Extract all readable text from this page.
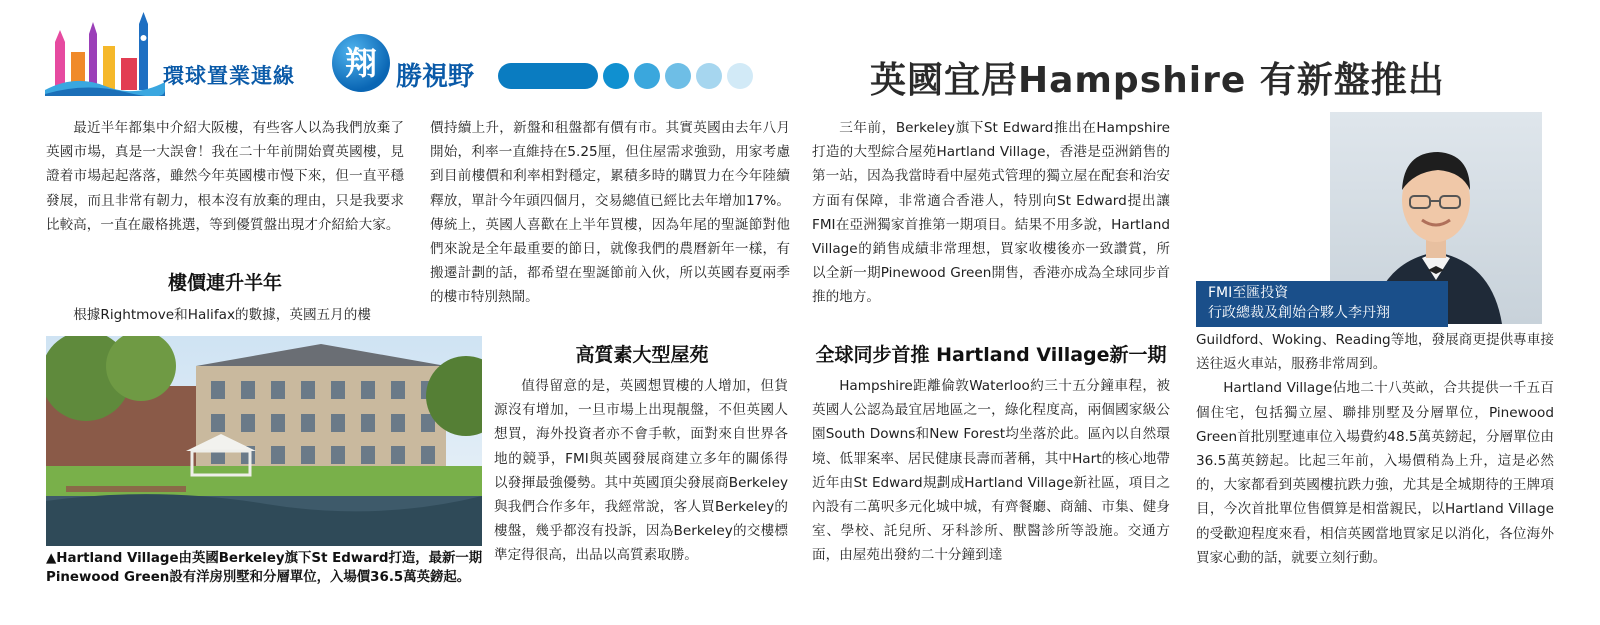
環球置業連線	翔 勝視野	英國宜居Hampshire 有新盤推出

最近半年都集中介紹大阪樓，有些客人以為我們放棄了英國市場，真是一大誤會！我在二十年前開始賣英國樓，見證着市場起起落落，雖然今年英國樓市慢下來，但一直平穩發展，而且非常有韌力，根本沒有放棄的理由，只是我要求比較高，一直在嚴格挑選，等到優質盤出現才介紹給大家。

樓價連升半年

根據Rightmove和Halifax的數據，英國五月的樓

價持續上升，新盤和租盤都有價有市。其實英國由去年八月開始，利率一直維持在5.25厘，但住屋需求強勁，用家考慮到目前樓價和利率相對穩定，累積多時的購買力在今年陸續釋放，單計今年頭四個月，交易總值已經比去年增加17%。傳統上，英國人喜歡在上半年買樓，因為年尾的聖誕節對他們來說是全年最重要的節日，就像我們的農曆新年一樣，有搬遷計劃的話，都希望在聖誕節前入伙，所以英國春夏兩季的樓市特別熱鬧。

▲Hartland Village由英國Berkeley旗下St Edward打造，最新一期
Pinewood Green設有洋房別墅和分層單位，入場價36.5萬英鎊起。
高質素大型屋苑

值得留意的是，英國想買樓的人增加，但貨源沒有增加，一旦市場上出現靚盤，不但英國人想買，海外投資者亦不會手軟，面對來自世界各地的競爭，FMI與英國發展商建立多年的關係得以發揮最強優勢。其中英國頂尖發展商Berkeley與我們合作多年，我經常說，客人買Berkeley的樓盤，幾乎都沒有投訴，因為Berkeley的交樓標準定得很高，出品以高質素取勝。

三年前，Berkeley旗下St Edward推出在Hampshire打造的大型綜合屋苑Hartland Village，香港是亞洲銷售的第一站，因為我當時看中屋苑式管理的獨立屋在配套和治安方面有保障，非常適合香港人，特別向St Edward提出讓FMI在亞洲獨家首推第一期項目。結果不用多說，Hartland Village的銷售成績非常理想，買家收樓後亦一致讚賞，所以全新一期Pinewood Green開售，香港亦成為全球同步首推的地方。

全球同步首推 Hartland Village新一期

Hampshire距離倫敦Waterloo約三十五分鐘車程，被英國人公認為最宜居地區之一，綠化程度高，兩個國家級公園South Downs和New Forest均坐落於此。區內以自然環境、低罪案率、居民健康長壽而著稱，其中Hart的核心地帶近年由St Edward規劃成Hartland Village新社區，項目之內設有二萬呎多元化城中城，有齊餐廳、商舖、市集、健身室、學校、託兒所、牙科診所、獸醫診所等設施。交通方面，由屋苑出發約二十分鐘到達

FMI至匯投資
行政總裁及創始合夥人李丹翔

Guildford、Woking、Reading等地，發展商更提供專車接送往返火車站，服務非常周到。

Hartland Village佔地二十八英畝，合共提供一千五百個住宅，包括獨立屋、聯排別墅及分層單位，Pinewood Green首批別墅連車位入場費約48.5萬英鎊起，分層單位由36.5萬英鎊起。比起三年前，入場價稍為上升，這是必然的，大家都看到英國樓抗跌力強，尤其是全城期待的王牌項目，今次首批單位售價算是相當親民，以Hartland Village的受歡迎程度來看，相信英國當地買家足以消化，各位海外買家心動的話，就要立刻行動。
